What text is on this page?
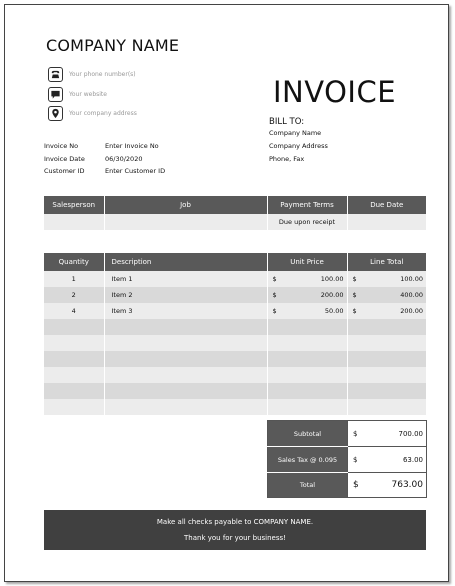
COMPANY NAME
Your phone number(s)
Your website
Your company address
INVOICE
BILL TO:
Company Name
Company Address
Phone, Fax
Invoice No	Enter Invoice No
Invoice Date	06/30/2020
Customer ID	Enter Customer ID
Salesperson	Job	Payment Terms	Due Date
		Due upon receipt	
Quantity	Description	Unit Price	Line Total
1	Item 1	$ 100.00	$ 100.00

2	Item 2	$ 200.00	$ 400.00

4	Item 3	$ 50.00	$ 200.00

Subtotal	$ 700.00

Sales Tax @ 0.095	$ 63.00

Total	$ 763.00
Make all checks payable to COMPANY NAME.
Thank you for your business!
